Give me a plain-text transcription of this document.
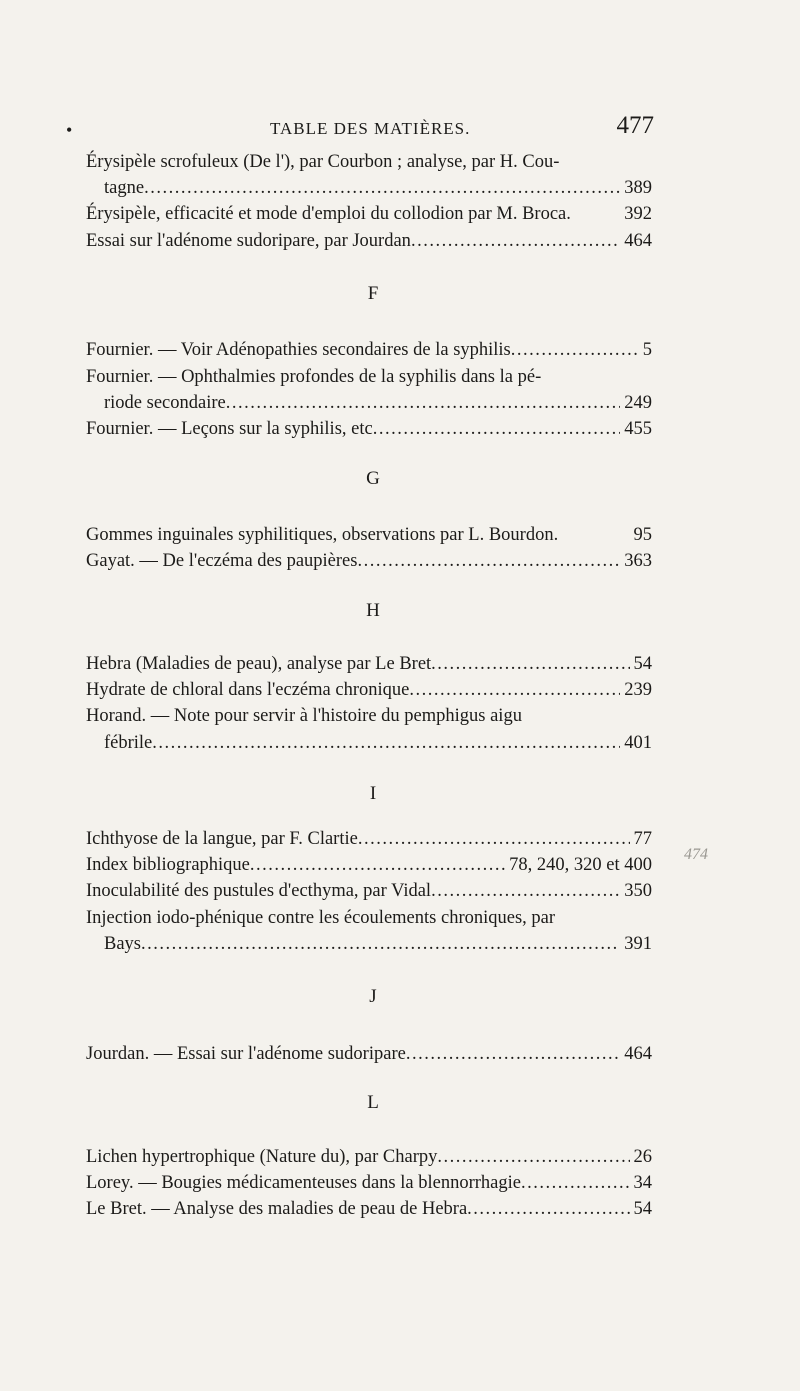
•	TABLE DES MATIÈRES.	477
Érysipèle scrofuleux (De l'), par Courbon ; analyse, par H. Cou-
tagne .....	389
Érysipèle, efficacité et mode d'emploi du collodion par M. Broca.	392
Essai sur l'adénome sudoripare, par Jourdan .....	464
F
Fournier. — Voir Adénopathies secondaires de la syphilis .....	5
Fournier. — Ophthalmies profondes de la syphilis dans la pé-
riode secondaire .....	249
Fournier. — Leçons sur la syphilis, etc .....	455
G
Gommes inguinales syphilitiques, observations par L. Bourdon.	95
Gayat. — De l'eczéma des paupières .....	363
H
Hebra (Maladies de peau), analyse par Le Bret .....	54
Hydrate de chloral dans l'eczéma chronique .....	239
Horand. — Note pour servir à l'histoire du pemphigus aigu
fébrile .....	401
I
Ichthyose de la langue, par F. Clartie .....	77
Index bibliographique .....	78, 240, 320 et 400
Inoculabilité des pustules d'ecthyma, par Vidal .....	350
Injection iodo-phénique contre les écoulements chroniques, par
Bays .....	391
J
Jourdan. — Essai sur l'adénome sudoripare .....	464
L
Lichen hypertrophique (Nature du), par Charpy .....	26
Lorey. — Bougies médicamenteuses dans la blennorrhagie .....	34
Le Bret. — Analyse des maladies de peau de Hebra .....	54
474
